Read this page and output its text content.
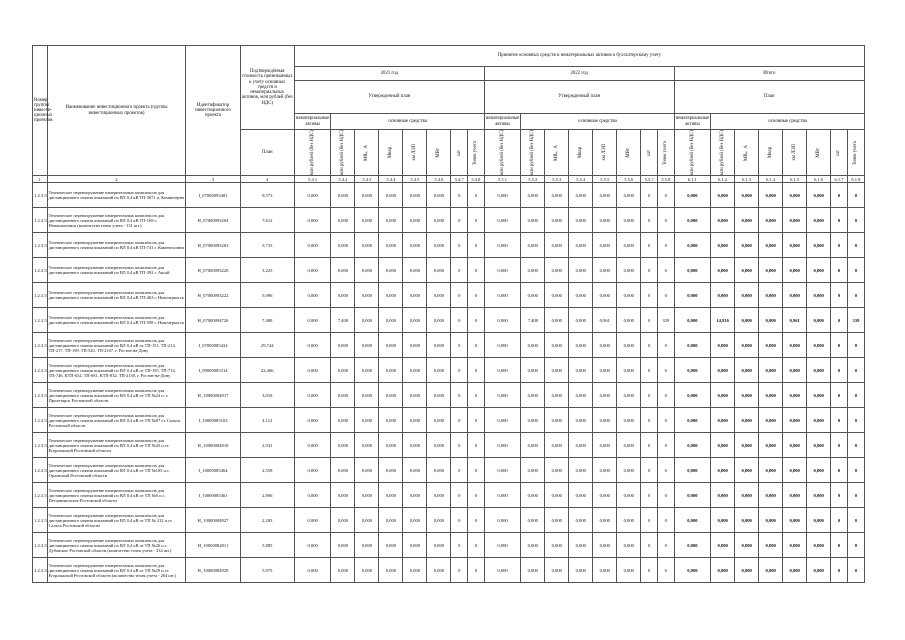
Номер группы инвести-ционных проектов	Наименование инвестиционного проекта (группы инвестиционных проектов)	Идентификатор инвестиционного проекта	Подтверждённая стоимость принимаемых к учету основных средств и нематериальных активов, млн рублей (без НДС)	Принятие основных средств и нематериальных активов к бухгалтерскому учету																							
				2021 год								2022 год								Итого							
				Утвержденный план								Утвержденный план								План							
				нематериальные активы	основные средства							нематериальные активы	основные средства							нематериальные активы	основные средства						
			План	млн рублей (без НДС)	млн рублей (без НДС)	МВ×А	Мвар	км ЛЭП	МВт	шт	Точек учета	млн рублей (без НДС)	млн рублей (без НДС)	МВ×А	Мвар	км ЛЭП	МВт	шт	Точек учета	млн рублей (без НДС)	млн рублей (без НДС)	МВ×А	Мвар	км ЛЭП	МВт	шт	Точек учета

1	2	3	4	5.4.1	5.4.2	5.4.3	5.4.4	5.4.5	5.4.6	5.4.7	5.4.8	5.5.1	5.5.2	5.5.3	5.5.4	5.5.5	5.5.6	5.5.7	5.5.8	6.1.1	6.1.2	6.1.3	6.1.4	6.1.5	6.1.6	6.1.7	6.1.8
1.2.3.5	Техническое перевооружение измерительных комплексов для дистанционного снятия показаний по ВЛ 0,4 кВ ТП-3071 п. Коминтерна	I_07000093481	9,573	0,000	0,000	0,000	0,000	0,000	0,000	0	0	0,000	0,000	0,000	0,000	0,000	0,000	0	0	0,000	0,000	0,000	0,000	0,000	0,000	0	0
1.2.3.5	Техническое перевооружение измерительных комплексов для дистанционного снятия показаний по ВЛ 0,4 кВ ТП-169 г. Новошахтинск (количество точек учета - 131 шт.)	H_07000093204	7,612	0,000	0,000	0,000	0,000	0,000	0,000	0	0	0,000	0,000	0,000	0,000	0,000	0,000	0	0	0,000	0,000	0,000	0,000	0,000	0,000	0	0
1.2.3.5	Техническое перевооружение измерительных комплексов для дистанционного снятия показаний по ВЛ 0,4 кВ ТП-741 г. Каменоломни	H_07000093203	5,733	0,000	0,000	0,000	0,000	0,000	0,000	0	0	0,000	0,000	0,000	0,000	0,000	0,000	0	0	0,000	0,000	0,000	0,000	0,000	0,000	0	0
1.2.3.5	Техническое перевооружение измерительных комплексов для дистанционного снятия показаний по ВЛ 0,4 кВ ТП-392 г. Аксай	H_07000093220	3,225	0,000	0,000	0,000	0,000	0,000	0,000	0	0	0,000	0,000	0,000	0,000	0,000	0,000	0	0	0,000	0,000	0,000	0,000	0,000	0,000	0	0
1.2.3.5	Техническое перевооружение измерительных комплексов для дистанционного снятия показаний по ВЛ 0,4 кВ ТП-463 г. Новочеркасск	H_07000093222	5,096	0,000	0,000	0,000	0,000	0,000	0,000	0	0	0,000	0,000	0,000	0,000	0,000	0,000	0	0	0,000	0,000	0,000	0,000	0,000	0,000	0	0
1.2.3.5	Техническое перевооружение измерительных комплексов для дистанционного снятия показаний по ВЛ 0,4 кВ ТП-598 г. Новочеркасск	H_07000094726	7,408	0,000	7,408	0,000	0,000	0,000	0,000	0	0	0,000	7,408	0,000	0,000	0,961	0,000	0	339	0,000	14,816	0,000	0,000	0,961	0,000	0	339
1.2.3.5	Техническое перевооружение измерительных комплексов для дистанционного снятия показаний по ВЛ 0,4 кВ от ТП-151, ТП-214, ТП-217, ТП-199, ТП-520, ТП-2167, г. Ростов-на-Дону	I_07000085424	29,744	0,000	0,000	0,000	0,000	0,000	0,000	0	0	0,000	0,000	0,000	0,000	0,000	0,000	0	0	0,000	0,000	0,000	0,000	0,000	0,000	0	0
1.2.3.5	Техническое перевооружение измерительных комплексов для дистанционного снятия показаний по ВЛ 0,4 кВ от ТП-195, ТП-714, ТП-746, КТП-634, ТП-681, КТП-832, ТП-2130, г. Ростов-на-Дону	I_09000085314	22,466	0,000	0,000	0,000	0,000	0,000	0,000	0	0	0,000	0,000	0,000	0,000	0,000	0,000	0	0	0,000	0,000	0,000	0,000	0,000	0,000	0	0
1.2.3.5	Техническое перевооружение измерительных комплексов для дистанционного снятия показаний по ВЛ 0,4 кВ от ТП №24 п. г. Пролетарск Ростовской области	H_10000094917	3,018	0,000	0,000	0,000	0,000	0,000	0,000	0	0	0,000	0,000	0,000	0,000	0,000	0,000	0	0	0,000	0,000	0,000	0,000	0,000	0,000	0	0
1.2.3.5	Техническое перевооружение измерительных комплексов для дистанционного снятия показаний по ВЛ 0,4 кВ от ТП №87 ст. Сальск Ростовской области	I_10000085163	4,112	0,000	0,000	0,000	0,000	0,000	0,000	0	0	0,000	0,000	0,000	0,000	0,000	0,000	0	0	0,000	0,000	0,000	0,000	0,000	0,000	0	0
1.2.3.5	Техническое перевооружение измерительных комплексов для дистанционного снятия показаний по ВЛ 0,4 кВ от ТП №45 п.ст. Егорлыкской Ростовской области	H_10000084918	2,931	0,000	0,000	0,000	0,000	0,000	0,000	0	0	0,000	0,000	0,000	0,000	0,000	0,000	0	0	0,000	0,000	0,000	0,000	0,000	0,000	0	0
1.2.3.5	Техническое перевооружение измерительных комплексов для дистанционного снятия показаний по ВЛ 0,4 кВ от ТП №105 п.с. Орловский Ростовской области	I_10000085464	2,558	0,000	0,000	0,000	0,000	0,000	0,000	0	0	0,000	0,000	0,000	0,000	0,000	0,000	0	0	0,000	0,000	0,000	0,000	0,000	0,000	0	0
1.2.3.5	Техническое перевооружение измерительных комплексов для дистанционного снятия показаний по ВЛ 0,4 кВ от ТП №6 п.с. Песчанокопское Ростовской области	I_10000085461	2,806	0,000	0,000	0,000	0,000	0,000	0,000	0	0	0,000	0,000	0,000	0,000	0,000	0,000	0	0	0,000	0,000	0,000	0,000	0,000	0,000	0	0
1.2.3.5	Техническое перевооружение измерительных комплексов для дистанционного снятия показаний по ВЛ 0,4 кВ от ТП № 212 п.ст. Сальск Ростовской области	H_10000084927	2,283	0,000	0,000	0,000	0,000	0,000	0,000	0	0	0,000	0,000	0,000	0,000	0,000	0,000	0	0	0,000	0,000	0,000	0,000	0,000	0,000	0	0
1.2.3.5	Техническое перевооружение измерительных комплексов для дистанционного снятия показаний по ВЛ 0,4 кВ от ТП №26 п.с. Дубовское Ростовской области (количество точек учета - 234 шт.)	H_10000084911	5,885	0,000	0,000	0,000	0,000	0,000	0,000	0	0	0,000	0,000	0,000	0,000	0,000	0,000	0	0	0,000	0,000	0,000	0,000	0,000	0,000	0	0
1.2.3.5	Техническое перевооружение измерительных комплексов для дистанционного снятия показаний по ВЛ 0,4 кВ от ТП №29 п.ст. Егорлыкской Ростовской области (количество точек учета - 264 шт.)	H_10000084929	5,975	0,000	0,000	0,000	0,000	0,000	0,000	0	0	0,000	0,000	0,000	0,000	0,000	0,000	0	0	0,000	0,000	0,000	0,000	0,000	0,000	0	0
